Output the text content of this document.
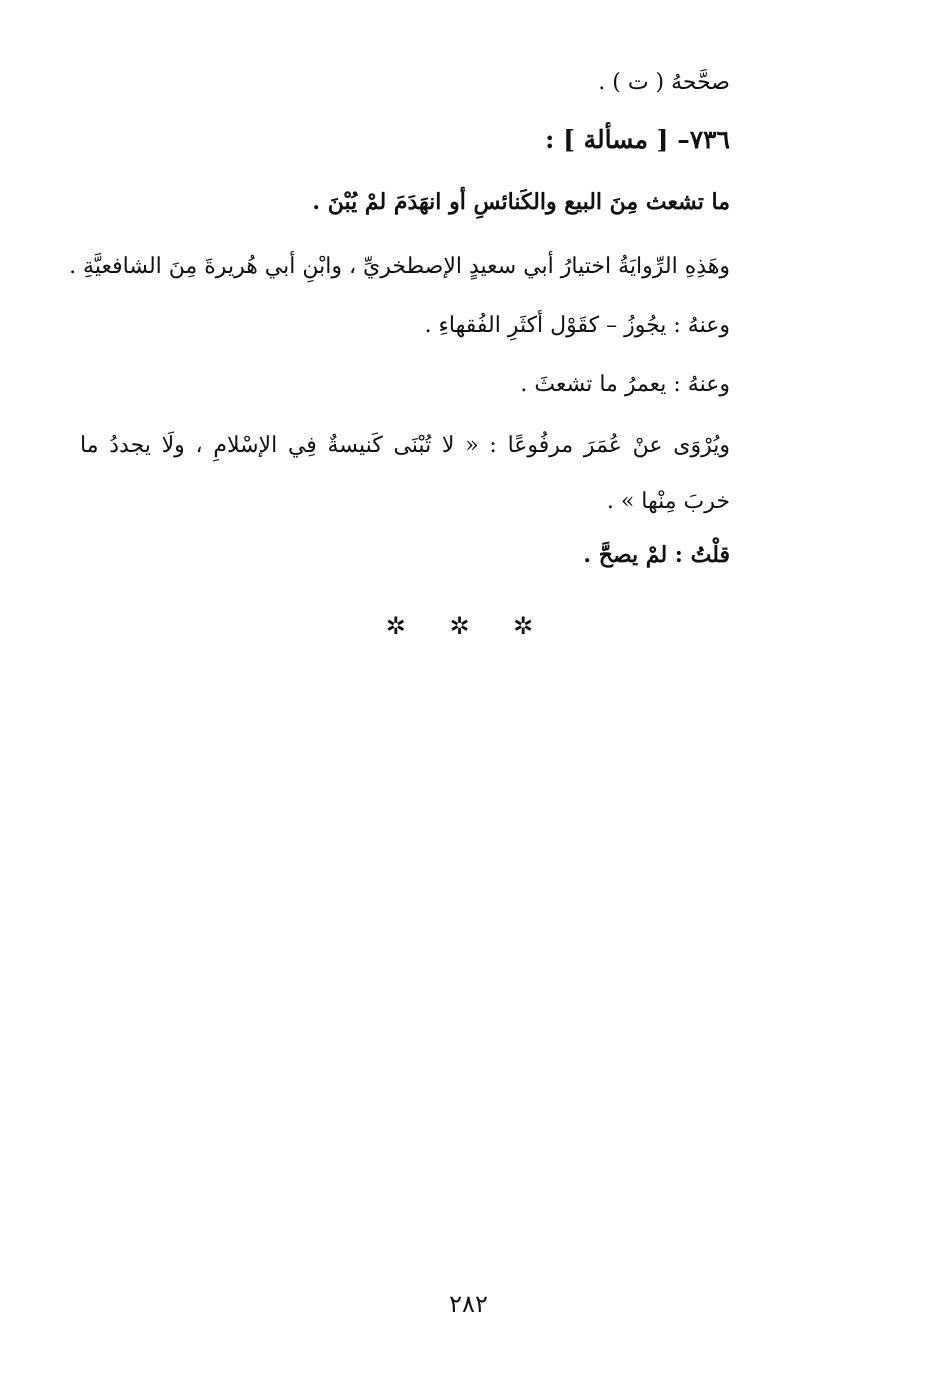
صحَّحهُ ( ت ) .
٧٣٦– [ مسألة ] :
ما تشعث مِنَ البيع والكَنائسِ أو انهَدَمَ لمْ يُبْنَ .
وهَذِهِ الرِّوايَةُ اختيارُ أبي سعيدٍ الإصطخريِّ ، وابْنِ أبي هُريرةَ مِنَ الشافعيَّةِ .
وعنهُ : يجُوزُ – كقَوْل أكثَرِ الفُقهاءِ .
وعنهُ : يعمرُ ما تشعثَ .
ويُرْوَى عنْ عُمَرَ مرفُوعًا : « لا تُبْنَى كَنيسةٌ فِي الإسْلامِ ، ولَا يجددُ ما خربَ مِنْها » .
قلْتُ : لمْ يصحَّ .
✲ ✲ ✲
٢٨٢
